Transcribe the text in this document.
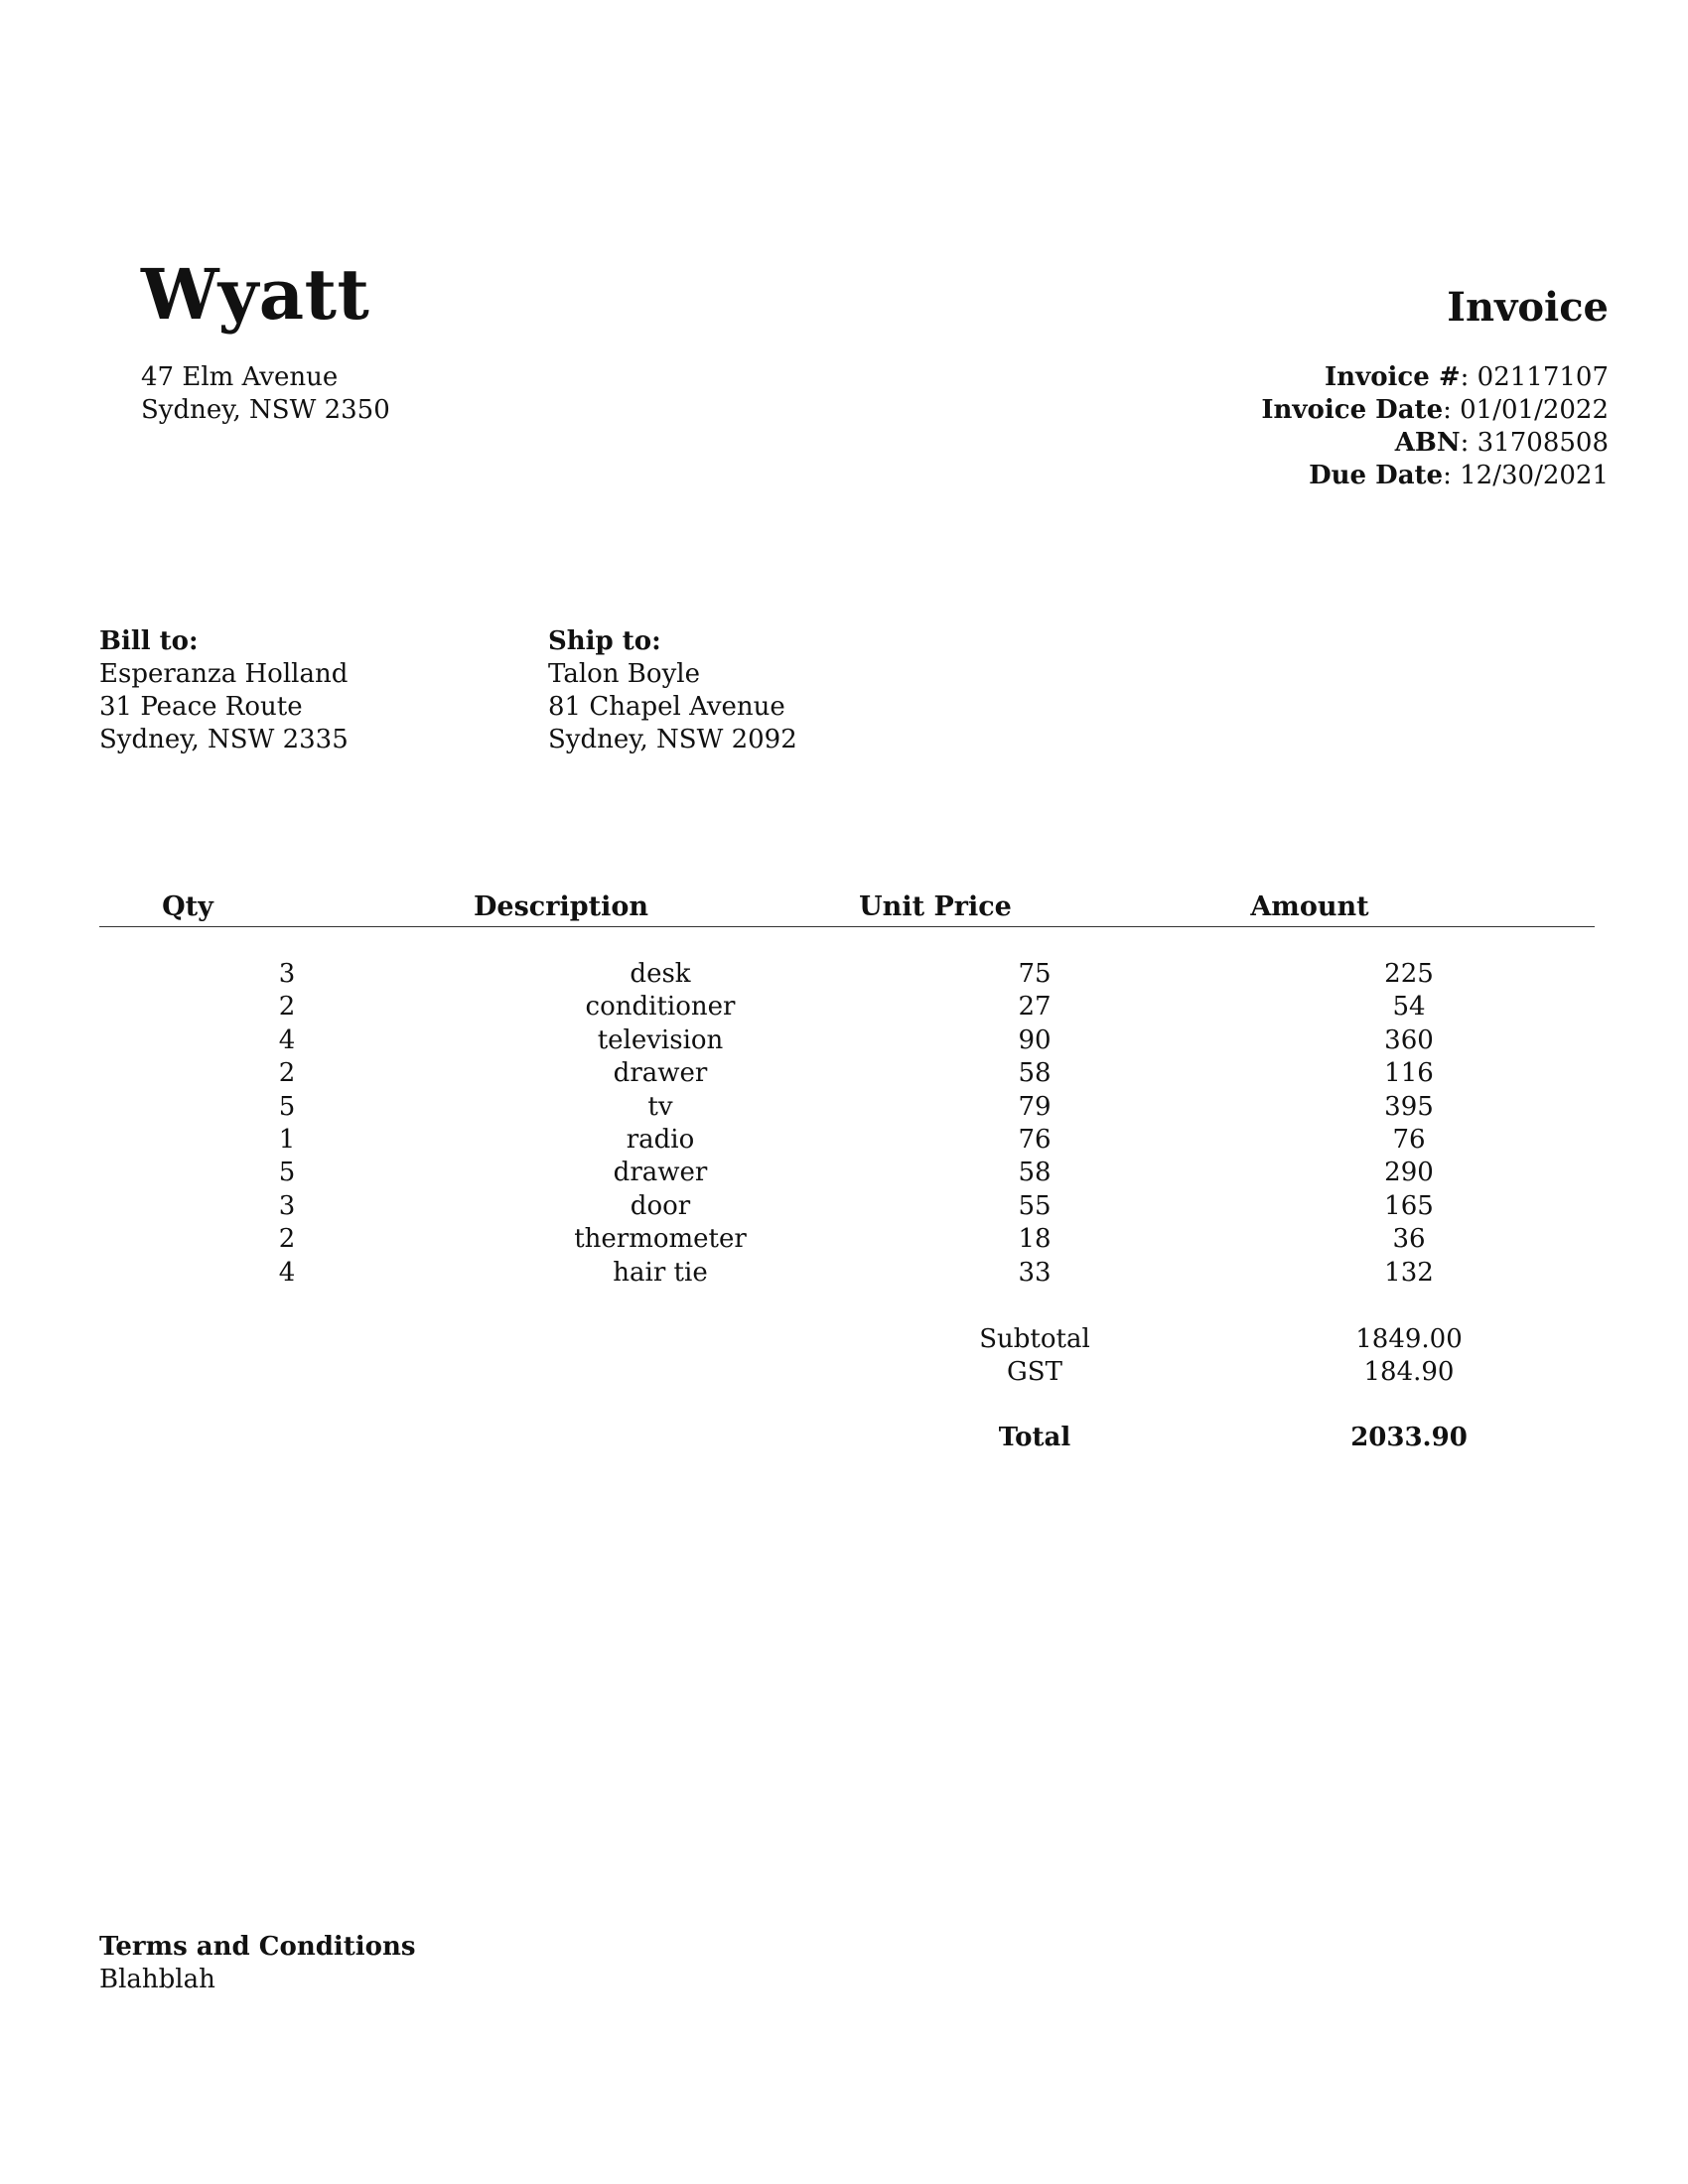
Wyatt
47 Elm Avenue
Sydney, NSW 2350
Invoice
Invoice #: 02117107
Invoice Date: 01/01/2022
ABN: 31708508
Due Date: 12/30/2021
Bill to:
Esperanza Holland
31 Peace Route
Sydney, NSW 2335
Ship to:
Talon Boyle
81 Chapel Avenue
Sydney, NSW 2092
Qty	Description	Unit Price	Amount
3	desk	75	225
2	conditioner	27	54
4	television	90	360
2	drawer	58	116
5	tv	79	395
1	radio	76	76
5	drawer	58	290
3	door	55	165
2	thermometer	18	36
4	hair tie	33	132
Subtotal	1849.00
GST	184.90
Total	2033.90
Terms and Conditions
Blahblah
